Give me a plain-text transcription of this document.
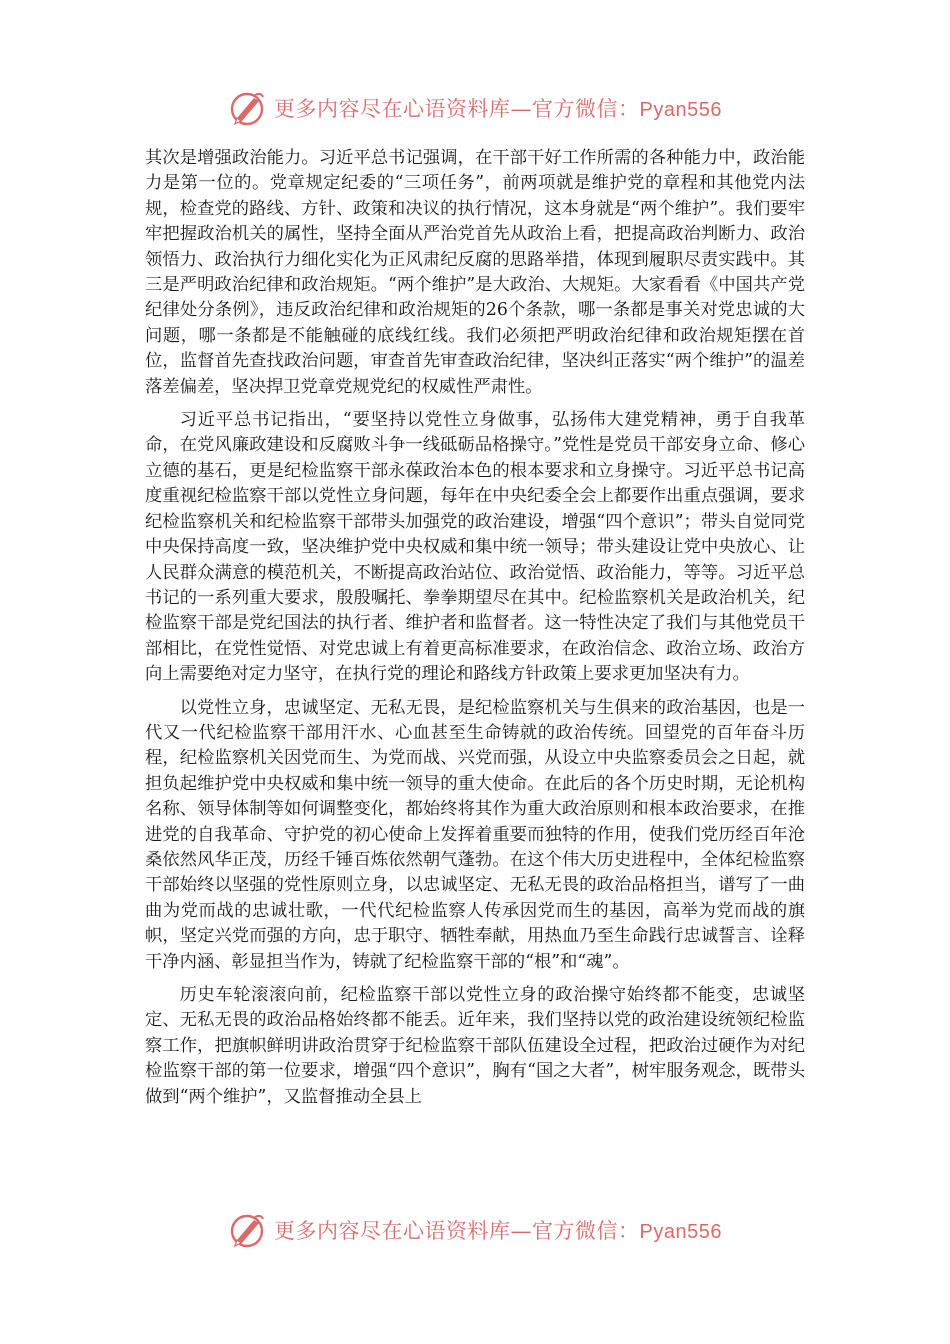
更多内容尽在心语资料库—官方微信：Pyan556

其次是增强政治能力。习近平总书记强调，在干部干好工作所需的各种能力中，政治能力是第一位的。党章规定纪委的“三项任务”，前两项就是维护党的章程和其他党内法规，检查党的路线、方针、政策和决议的执行情况，这本身就是“两个维护”。我们要牢牢把握政治机关的属性，坚持全面从严治党首先从政治上看，把提高政治判断力、政治领悟力、政治执行力细化实化为正风肃纪反腐的思路举措，体现到履职尽责实践中。其三是严明政治纪律和政治规矩。“两个维护”是大政治、大规矩。大家看看《中国共产党纪律处分条例》，违反政治纪律和政治规矩的26个条款，哪一条都是事关对党忠诚的大问题，哪一条都是不能触碰的底线红线。我们必须把严明政治纪律和政治规矩摆在首位，监督首先查找政治问题，审查首先审查政治纪律，坚决纠正落实“两个维护”的温差落差偏差，坚决捍卫党章党规党纪的权威性严肃性。

习近平总书记指出，“要坚持以党性立身做事，弘扬伟大建党精神，勇于自我革命，在党风廉政建设和反腐败斗争一线砥砺品格操守。”党性是党员干部安身立命、修心立德的基石，更是纪检监察干部永葆政治本色的根本要求和立身操守。习近平总书记高度重视纪检监察干部以党性立身问题，每年在中央纪委全会上都要作出重点强调，要求纪检监察机关和纪检监察干部带头加强党的政治建设，增强“四个意识”；带头自觉同党中央保持高度一致，坚决维护党中央权威和集中统一领导；带头建设让党中央放心、让人民群众满意的模范机关，不断提高政治站位、政治觉悟、政治能力，等等。习近平总书记的一系列重大要求，殷殷嘱托、拳拳期望尽在其中。纪检监察机关是政治机关，纪检监察干部是党纪国法的执行者、维护者和监督者。这一特性决定了我们与其他党员干部相比，在党性觉悟、对党忠诚上有着更高标准要求，在政治信念、政治立场、政治方向上需要绝对定力坚守，在执行党的理论和路线方针政策上要求更加坚决有力。

以党性立身，忠诚坚定、无私无畏，是纪检监察机关与生俱来的政治基因，也是一代又一代纪检监察干部用汗水、心血甚至生命铸就的政治传统。回望党的百年奋斗历程，纪检监察机关因党而生、为党而战、兴党而强，从设立中央监察委员会之日起，就担负起维护党中央权威和集中统一领导的重大使命。在此后的各个历史时期，无论机构名称、领导体制等如何调整变化，都始终将其作为重大政治原则和根本政治要求，在推进党的自我革命、守护党的初心使命上发挥着重要而独特的作用，使我们党历经百年沧桑依然风华正茂，历经千锤百炼依然朝气蓬勃。在这个伟大历史进程中，全体纪检监察干部始终以坚强的党性原则立身，以忠诚坚定、无私无畏的政治品格担当，谱写了一曲曲为党而战的忠诚壮歌，一代代纪检监察人传承因党而生的基因，高举为党而战的旗帜，坚定兴党而强的方向，忠于职守、牺牲奉献，用热血乃至生命践行忠诚誓言、诠释干净内涵、彰显担当作为，铸就了纪检监察干部的“根”和“魂”。

历史车轮滚滚向前，纪检监察干部以党性立身的政治操守始终都不能变，忠诚坚定、无私无畏的政治品格始终都不能丢。近年来，我们坚持以党的政治建设统领纪检监察工作，把旗帜鲜明讲政治贯穿于纪检监察干部队伍建设全过程，把政治过硬作为对纪检监察干部的第一位要求，增强“四个意识”，胸有“国之大者”，树牢服务观念，既带头做到“两个维护”，又监督推动全县上

更多内容尽在心语资料库—官方微信：Pyan556
